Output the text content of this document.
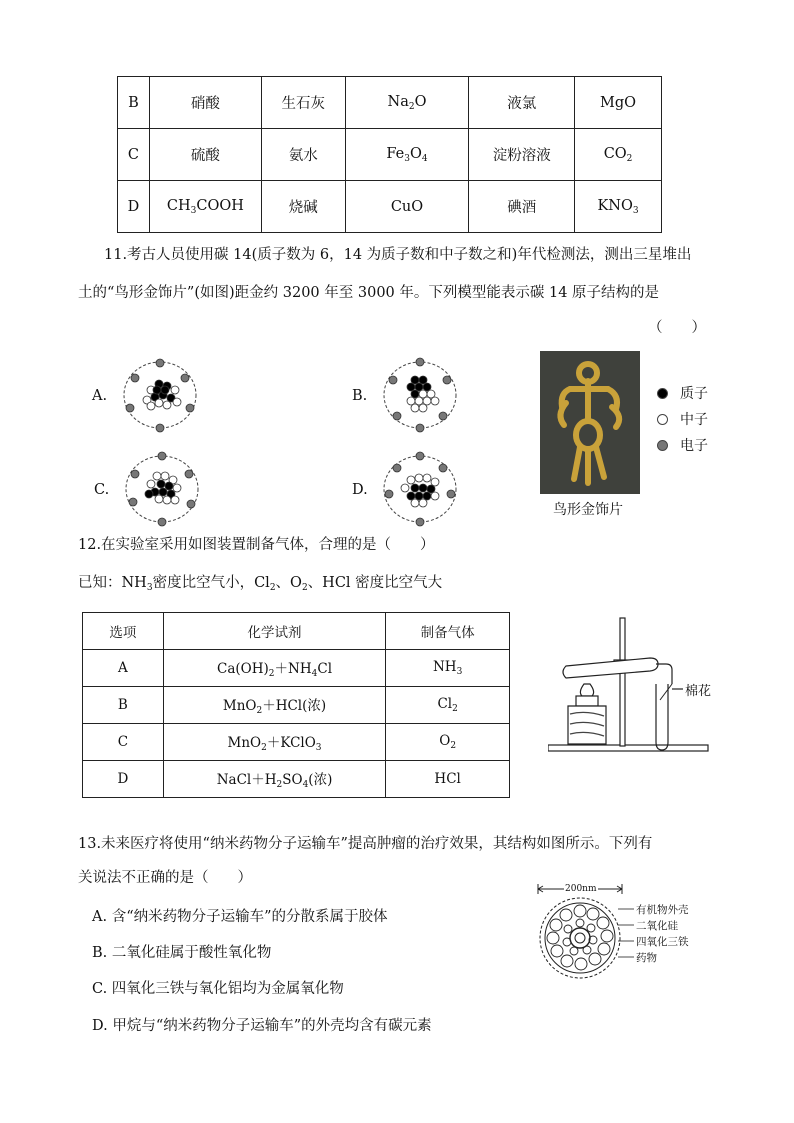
B	硝酸	生石灰	$Na_2O$	液氯	MgO
C	硫酸	氨水	$Fe_3O_4$	淀粉溶液	$CO_2$
D	$CH_3COOH$	烧碱	CuO	碘酒	$KNO_3$
11.考古人员使用碳 14(质子数为 6，14 为质子数和中子数之和)年代检测法，测出三星堆出
土的“鸟形金饰片”(如图)距金约 3200 年至 3000 年。下列模型能表示碳 14 原子结构的是
（　　）
A.	B.
C.	D.
鸟形金饰片
质子
中子
电子
12.在实验室采用如图装置制备气体，合理的是（　　）
已知：$NH_3$密度比空气小，$Cl_2$、$O_2$、HCl 密度比空气大
选项	化学试剂	制备气体
A	$Ca(OH)_2+NH_4Cl$	$NH_3$
B	MnO$_2$＋HCl(浓)	$Cl_2$
C	MnO$_2$＋KClO$_3$	$O_2$
D	$NaCl+H_2SO_4$(浓)	HCl
棉花
13.未来医疗将使用“纳米药物分子运输车”提高肿瘤的治疗效果，其结构如图所示。下列有
关说法不正确的是（　　）
A. 含“纳米药物分子运输车”的分散系属于胶体
B. 二氧化硅属于酸性氧化物
C. 四氧化三铁与氧化铝均为金属氧化物
D. 甲烷与“纳米药物分子运输车”的外壳均含有碳元素
200nm
有机物外壳
二氧化硅
四氧化三铁
药物
